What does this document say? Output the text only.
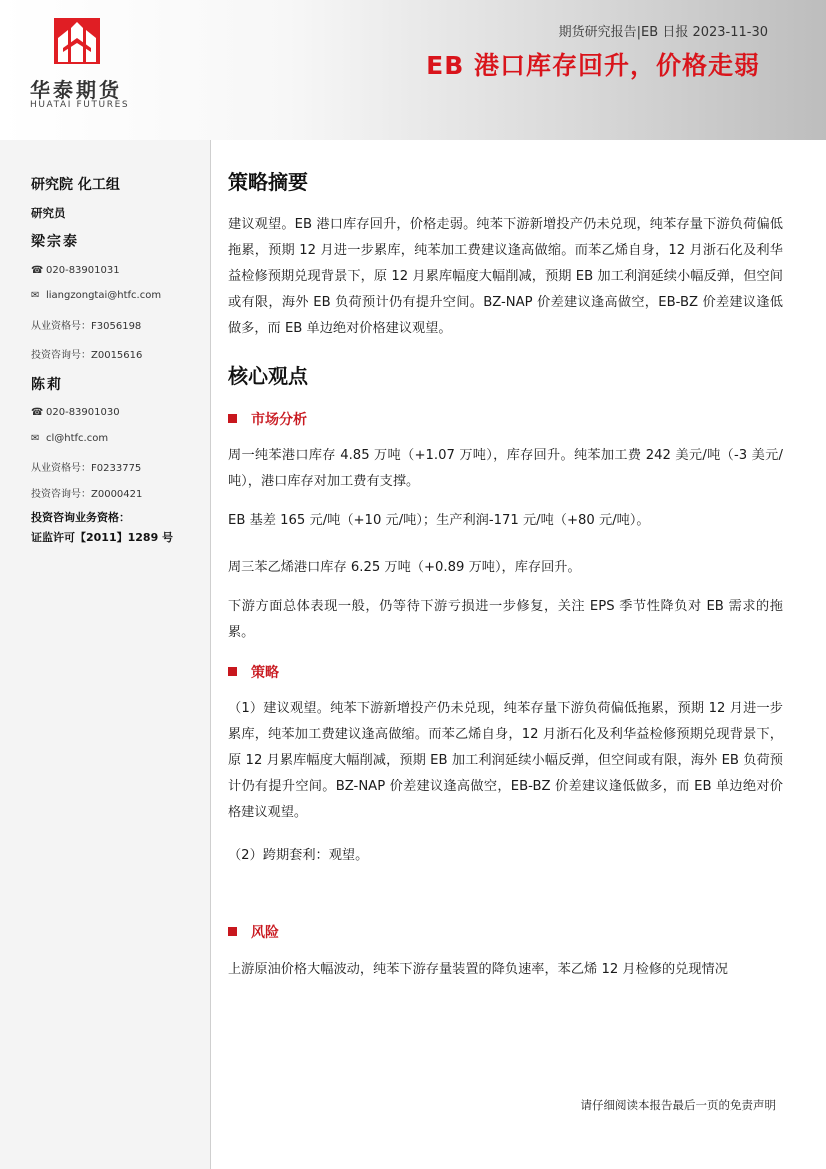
华泰期货
HUATAI FUTURES
期货研究报告|EB 日报 2023-11-30
EB 港口库存回升，价格走弱
研究院 化工组
研究员
梁宗泰
☎ 020-83901031
✉ liangzongtai@htfc.com
从业资格号：F3056198
投资咨询号：Z0015616
陈莉
☎ 020-83901030
✉ cl@htfc.com
从业资格号：F0233775
投资咨询号：Z0000421
投资咨询业务资格：
证监许可【2011】1289 号
策略摘要
建议观望。EB 港口库存回升，价格走弱。纯苯下游新增投产仍未兑现，纯苯存量下游负荷偏低拖累，预期 12 月进一步累库，纯苯加工费建议逢高做缩。而苯乙烯自身，12 月浙石化及利华益检修预期兑现背景下，原 12 月累库幅度大幅削减，预期 EB 加工利润延续小幅反弹，但空间或有限，海外 EB 负荷预计仍有提升空间。BZ-NAP 价差建议逢高做空，EB-BZ 价差建议逢低做多，而 EB 单边绝对价格建议观望。
核心观点
市场分析
周一纯苯港口库存 4.85 万吨（+1.07 万吨），库存回升。纯苯加工费 242 美元/吨（-3 美元/吨），港口库存对加工费有支撑。
EB 基差 165 元/吨（+10 元/吨）；生产利润-171 元/吨（+80 元/吨）。
周三苯乙烯港口库存 6.25 万吨（+0.89 万吨），库存回升。
下游方面总体表现一般，仍等待下游亏损进一步修复，关注 EPS 季节性降负对 EB 需求的拖累。
策略
（1）建议观望。纯苯下游新增投产仍未兑现，纯苯存量下游负荷偏低拖累，预期 12 月进一步累库，纯苯加工费建议逢高做缩。而苯乙烯自身，12 月浙石化及利华益检修预期兑现背景下，原 12 月累库幅度大幅削减，预期 EB 加工利润延续小幅反弹，但空间或有限，海外 EB 负荷预计仍有提升空间。BZ-NAP 价差建议逢高做空，EB-BZ 价差建议逢低做多，而 EB 单边绝对价格建议观望。
（2）跨期套利：观望。
风险
上游原油价格大幅波动，纯苯下游存量装置的降负速率，苯乙烯 12 月检修的兑现情况
请仔细阅读本报告最后一页的免责声明
